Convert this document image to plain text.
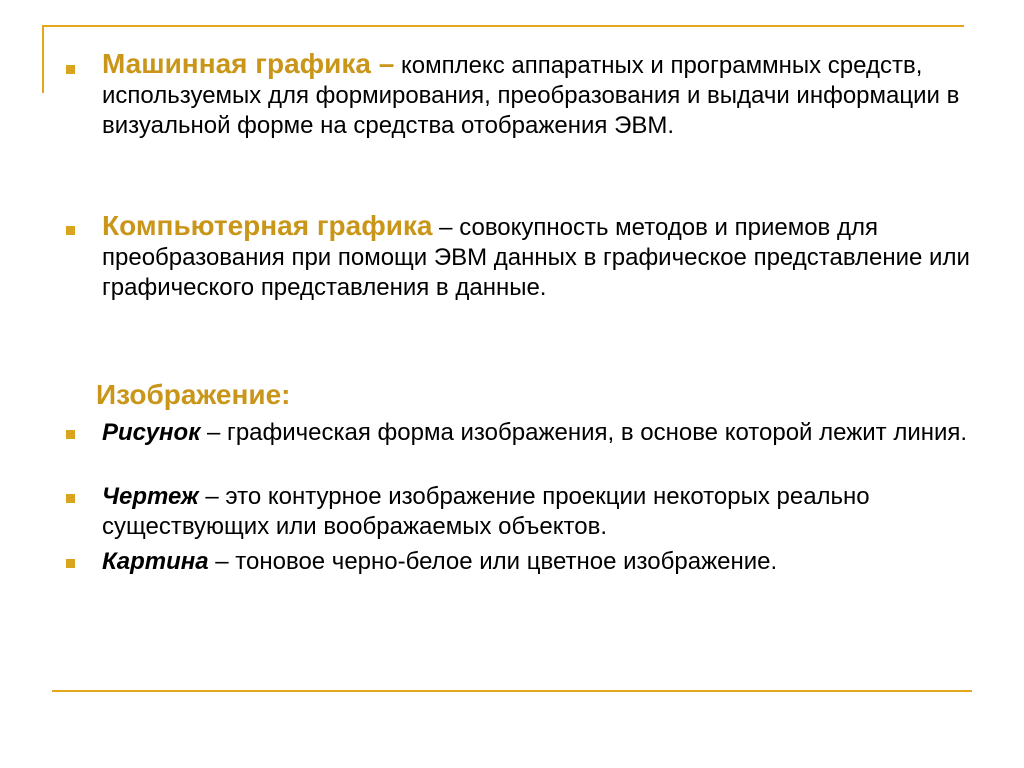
Машинная графика – комплекс аппаратных и программных средств, используемых для формирования, преобразования и выдачи информации в визуальной форме на средства отображения ЭВМ.
Компьютерная графика – совокупность методов и приемов для преобразования при помощи ЭВМ данных в графическое представление или графического представления в данные.
Изображение:
Рисунок – графическая форма изображения, в основе которой лежит линия.
Чертеж – это контурное изображение проекции некоторых реально существующих или воображаемых объектов.
Картина – тоновое черно-белое или цветное изображение.
